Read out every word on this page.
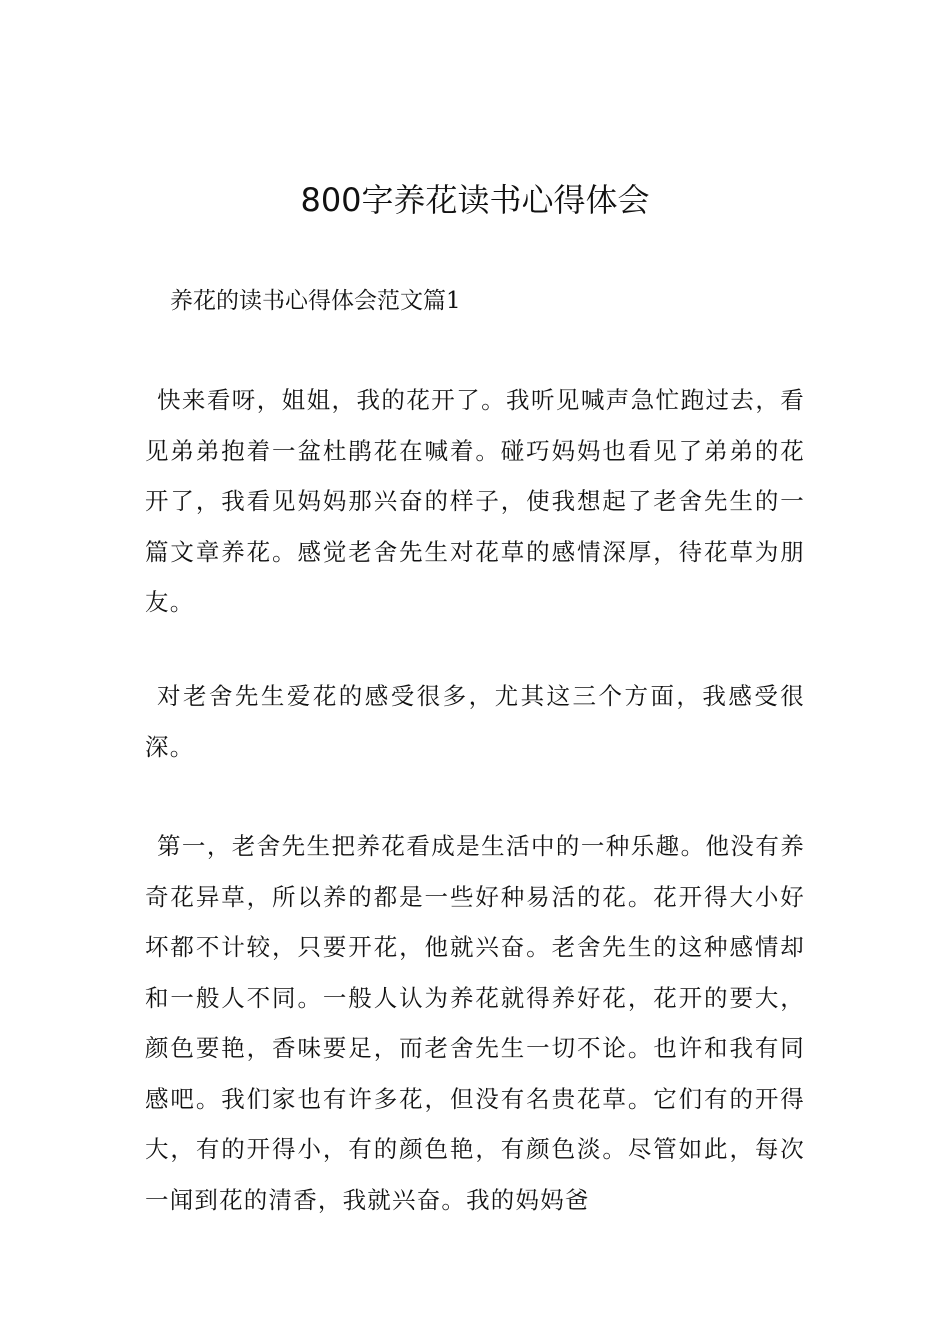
800字养花读书心得体会
养花的读书心得体会范文篇1

快来看呀，姐姐，我的花开了。我听见喊声急忙跑过去，看见弟弟抱着一盆杜鹃花在喊着。碰巧妈妈也看见了弟弟的花开了，我看见妈妈那兴奋的样子，使我想起了老舍先生的一篇文章养花。感觉老舍先生对花草的感情深厚，待花草为朋友。

对老舍先生爱花的感受很多，尤其这三个方面，我感受很深。

第一，老舍先生把养花看成是生活中的一种乐趣。他没有养奇花异草，所以养的都是一些好种易活的花。花开得大小好坏都不计较，只要开花，他就兴奋。老舍先生的这种感情却和一般人不同。一般人认为养花就得养好花，花开的要大，颜色要艳，香味要足，而老舍先生一切不论。也许和我有同感吧。我们家也有许多花，但没有名贵花草。它们有的开得大，有的开得小，有的颜色艳，有颜色淡。尽管如此，每次一闻到花的清香，我就兴奋。我的妈妈爸
